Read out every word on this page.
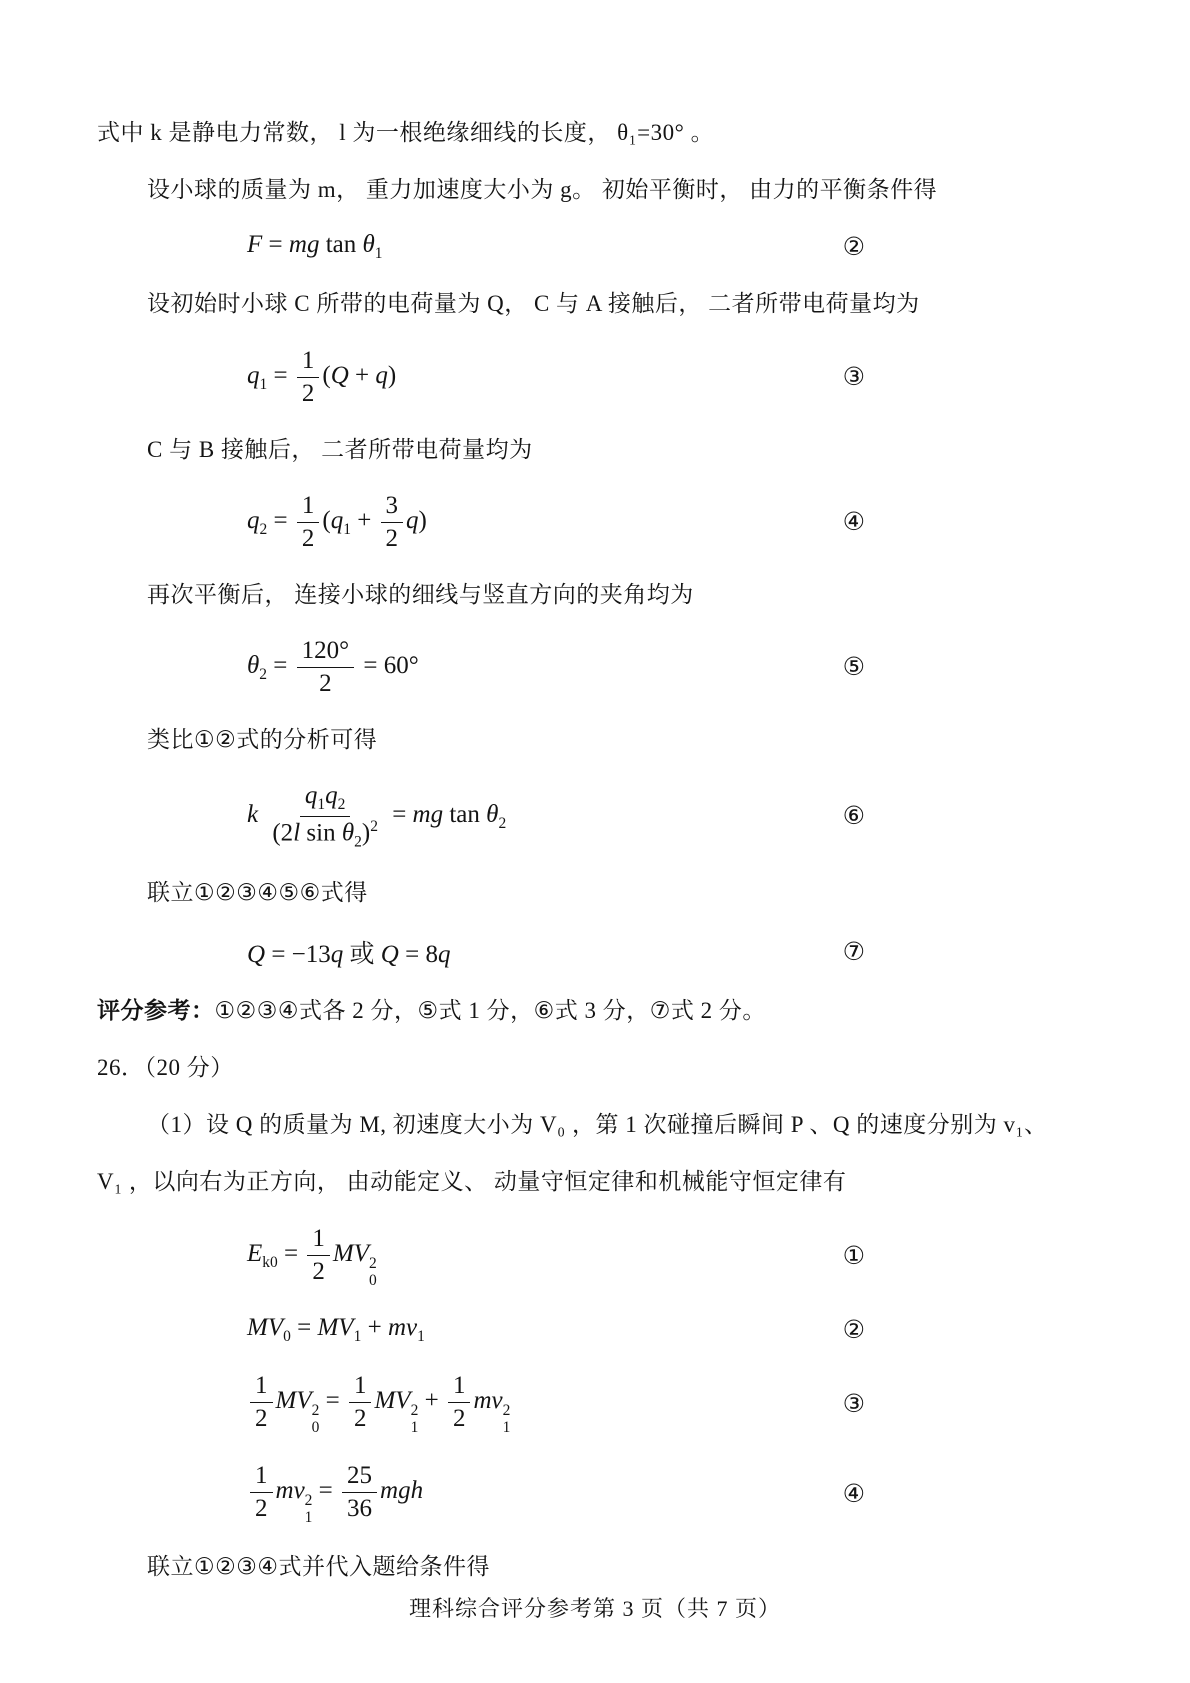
式中 k 是静电力常数， l 为一根绝缘细线的长度， θ₁=30° 。

设小球的质量为 m， 重力加速度大小为 g。 初始平衡时， 由力的平衡条件得

F = mg $\tan \theta_1$	②

设初始时小球 C 所带的电荷量为 Q， C 与 A 接触后， 二者所带电荷量均为

$q_1 = \frac{1}{2} (Q + q)$	③

C 与 B 接触后， 二者所带电荷量均为

$q_2 = \frac{1}{2} (q_1 + \frac{3}{2} q)$	④

再次平衡后， 连接小球的细线与竖直方向的夹角均为

$\theta_2 = \frac{120^\circ}{2} = 60^\circ$	⑤

类比①②式的分析可得

k $\frac{q_1q_2}{(2l \sin \theta_2)^2}$ = mg $\tan \theta_2$	⑥

联立①②③④⑤⑥式得

Q = −13q 或 Q = 8q	⑦

评分参考：①②③④式各 2 分，⑤式 1 分，⑥式 3 分，⑦式 2 分。

26．（20 分）

（1）设 Q 的质量为 M, 初速度大小为 V₀ ，第 1 次碰撞后瞬间 P 、Q 的速度分别为 v₁、

V₁ ，以向右为正方向， 由动能定义、 动量守恒定律和机械能守恒定律有

$E_{k0} = \frac{1}{2}$ MV 2
0
①
$MV_0 = MV_1 + mv_1$	②
$\frac{1}{2}$ MV 2
0
= $\frac{1}{2}$ MV 2
1
+ $\frac{1}{2}$ mv 2
1
③
$\frac{1}{2}$ mv 2
1
= $\frac{25}{36}$ mgh	④

联立①②③④式并代入题给条件得

理科综合评分参考第 3 页（共 7 页）
